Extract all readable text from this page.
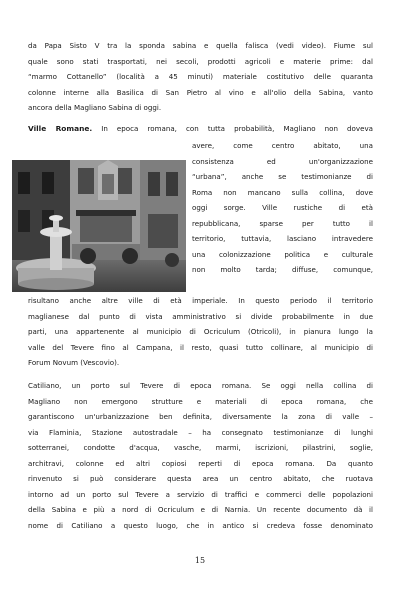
da Papa Sisto V tra la sponda sabina e quella falisca (vedi video). Fiume sul
quale sono stati trasportati, nei secoli, prodotti agricoli e materie prime: dal
“marmo Cottanello” (località a 45 minuti) materiale costitutivo delle quaranta
colonne interne alla Basilica di San Pietro al vino e all'olio della Sabina, vanto
ancora della Magliano Sabina di oggi.
Ville Romane. In epoca romana, con tutta probabilità, Magliano non doveva
avere, come centro abitato, una
consistenza ed un'organizzazione
“urbana”, anche se testimonianze di
Roma non mancano sulla collina, dove
oggi sorge. Ville rustiche di età
repubblicana, sparse per tutto il
territorio, tuttavia, lasciano intravedere
una colonizzazione politica e culturale
non molto tarda; diffuse, comunque,
risultano anche altre ville di età imperiale. In questo periodo il territorio
maglianese dal punto di vista amministrativo si divide probabilmente in due
parti, una appartenente al municipio di Ocriculum (Otricoli), in pianura lungo la
valle del Tevere fino al Campana, il resto, quasi tutto collinare, al municipio di
Forum Novum (Vescovio).
Catiliano, un porto sul Tevere di epoca romana. Se oggi nella collina di
Magliano non emergono strutture e materiali di epoca romana, che
garantiscono un'urbanizzazione ben definita, diversamente la zona di valle –
via Flaminia, Stazione autostradale – ha consegnato testimonianze di lunghi
sotterranei, condotte d'acqua, vasche, marmi, iscrizioni, pilastrini, soglie,
architravi, colonne ed altri copiosi reperti di epoca romana. Da quanto
rinvenuto si può considerare questa area un centro abitato, che ruotava
intorno ad un porto sul Tevere a servizio di traffici e commerci delle popolazioni
della Sabina e più a nord di Ocriculum e di Narnia. Un recente documento dà il
nome di Catiliano a questo luogo, che in antico si credeva fosse denominato
15
